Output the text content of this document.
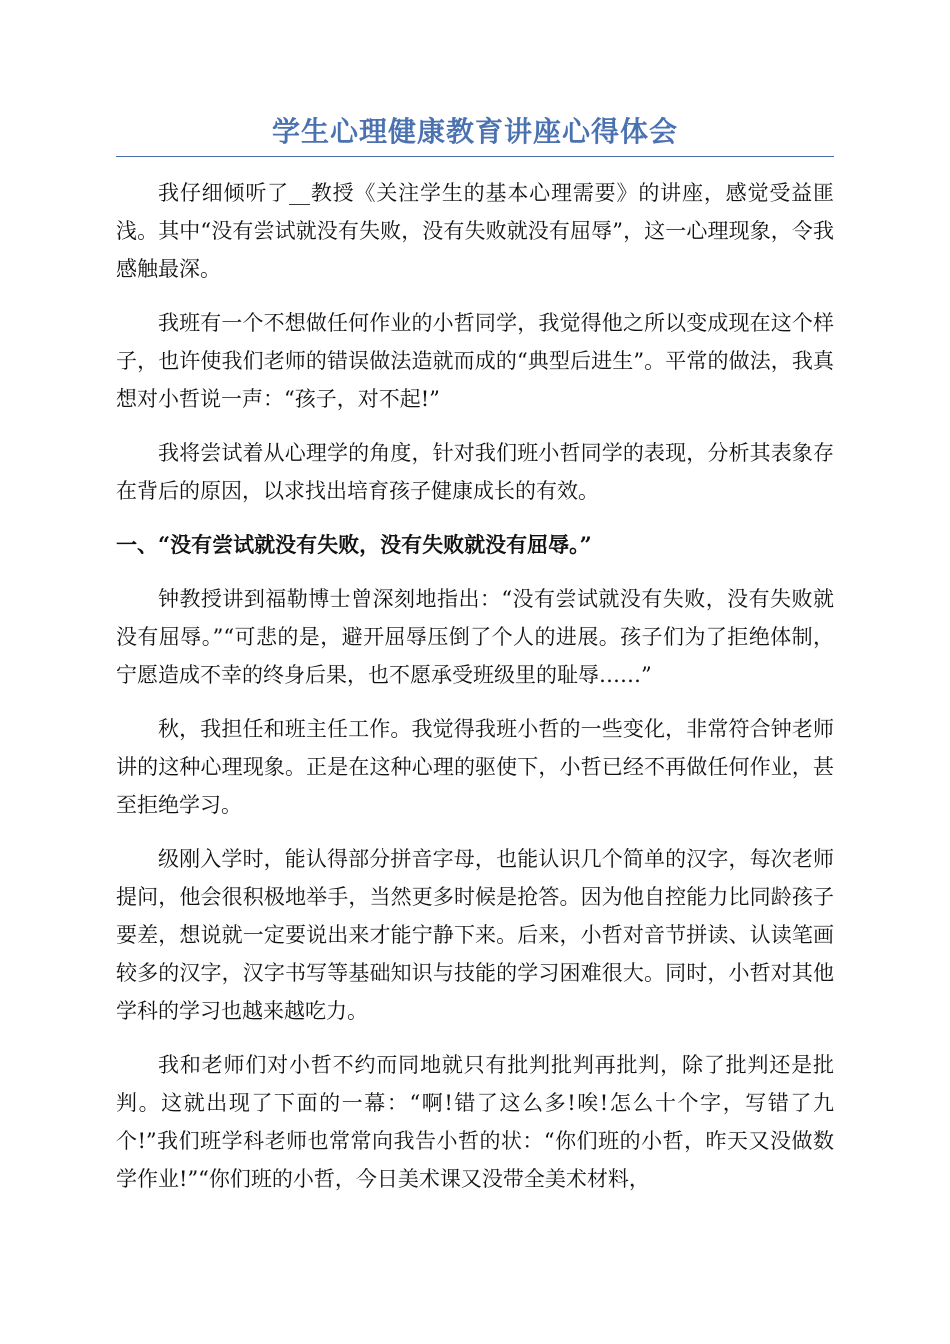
学生心理健康教育讲座心得体会

我仔细倾听了__教授《关注学生的基本心理需要》的讲座，感觉受益匪浅。其中“没有尝试就没有失败，没有失败就没有屈辱”，这一心理现象，令我感触最深。

我班有一个不想做任何作业的小哲同学，我觉得他之所以变成现在这个样子，也许使我们老师的错误做法造就而成的“典型后进生”。平常的做法，我真想对小哲说一声：“孩子，对不起!”

我将尝试着从心理学的角度，针对我们班小哲同学的表现，分析其表象存在背后的原因，以求找出培育孩子健康成长的有效。

一、“没有尝试就没有失败，没有失败就没有屈辱。”

钟教授讲到福勒博士曾深刻地指出：“没有尝试就没有失败，没有失败就没有屈辱。”“可悲的是，避开屈辱压倒了个人的进展。孩子们为了拒绝体制，宁愿造成不幸的终身后果，也不愿承受班级里的耻辱……”

秋，我担任和班主任工作。我觉得我班小哲的一些变化，非常符合钟老师讲的这种心理现象。正是在这种心理的驱使下，小哲已经不再做任何作业，甚至拒绝学习。

级刚入学时，能认得部分拼音字母，也能认识几个简单的汉字，每次老师提问，他会很积极地举手，当然更多时候是抢答。因为他自控能力比同龄孩子要差，想说就一定要说出来才能宁静下来。后来，小哲对音节拼读、认读笔画较多的汉字，汉字书写等基础知识与技能的学习困难很大。同时，小哲对其他学科的学习也越来越吃力。

我和老师们对小哲不约而同地就只有批判批判再批判，除了批判还是批判。这就出现了下面的一幕：“啊!错了这么多!唉!怎么十个字，写错了九个!”我们班学科老师也常常向我告小哲的状：“你们班的小哲，昨天又没做数学作业!”“你们班的小哲，今日美术课又没带全美术材料，
